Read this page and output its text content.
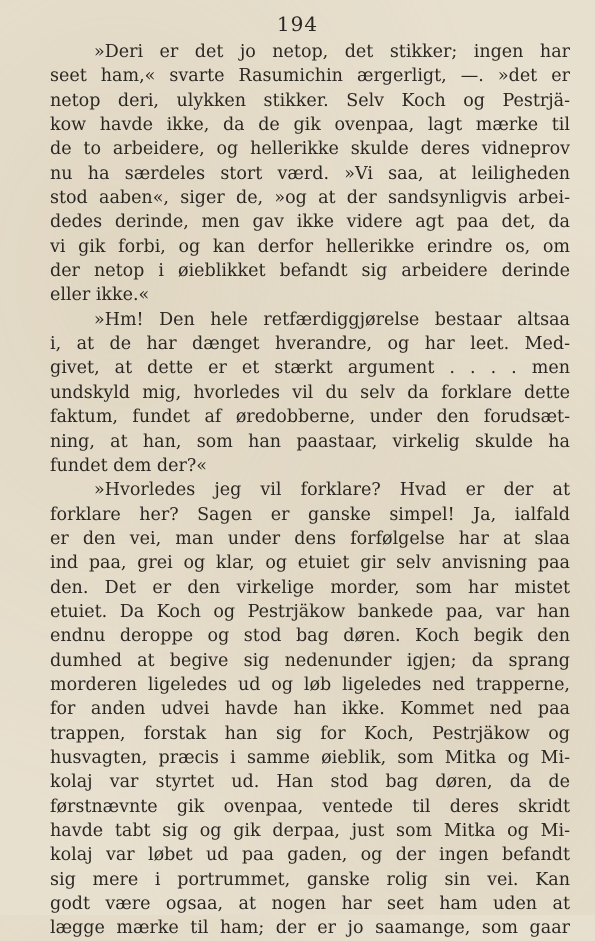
194
»Deri er det jo netop, det stikker; ingen har
seet ham,« svarte Rasumichin ærgerligt, —. »det er
netop deri, ulykken stikker. Selv Koch og Pestrjä-
kow havde ikke, da de gik ovenpaa, lagt mærke til
de to arbeidere, og hellerikke skulde deres vidneprov
nu ha særdeles stort værd. »Vi saa, at leiligheden
stod aaben«, siger de, »og at der sandsynligvis arbei-
dedes derinde, men gav ikke videre agt paa det, da
vi gik forbi, og kan derfor hellerikke erindre os, om
der netop i øieblikket befandt sig arbeidere derinde
eller ikke.«
»Hm! Den hele retfærdiggjørelse bestaar altsaa
i, at de har dænget hverandre, og har leet. Med-
givet, at dette er et stærkt argument . . . . men
undskyld mig, hvorledes vil du selv da forklare dette
faktum, fundet af øredobberne, under den forudsæt-
ning, at han, som han paastaar, virkelig skulde ha
fundet dem der?«
»Hvorledes jeg vil forklare? Hvad er der at
forklare her? Sagen er ganske simpel! Ja, ialfald
er den vei, man under dens forfølgelse har at slaa
ind paa, grei og klar, og etuiet gir selv anvisning paa
den. Det er den virkelige morder, som har mistet
etuiet. Da Koch og Pestrjäkow bankede paa, var han
endnu deroppe og stod bag døren. Koch begik den
dumhed at begive sig nedenunder igjen; da sprang
morderen ligeledes ud og løb ligeledes ned trapperne,
for anden udvei havde han ikke. Kommet ned paa
trappen, forstak han sig for Koch, Pestrjäkow og
husvagten, præcis i samme øieblik, som Mitka og Mi-
kolaj var styrtet ud. Han stod bag døren, da de
førstnævnte gik ovenpaa, ventede til deres skridt
havde tabt sig og gik derpaa, just som Mitka og Mi-
kolaj var løbet ud paa gaden, og der ingen befandt
sig mere i portrummet, ganske rolig sin vei. Kan
godt være ogsaa, at nogen har seet ham uden at
lægge mærke til ham; der er jo saamange, som gaar
